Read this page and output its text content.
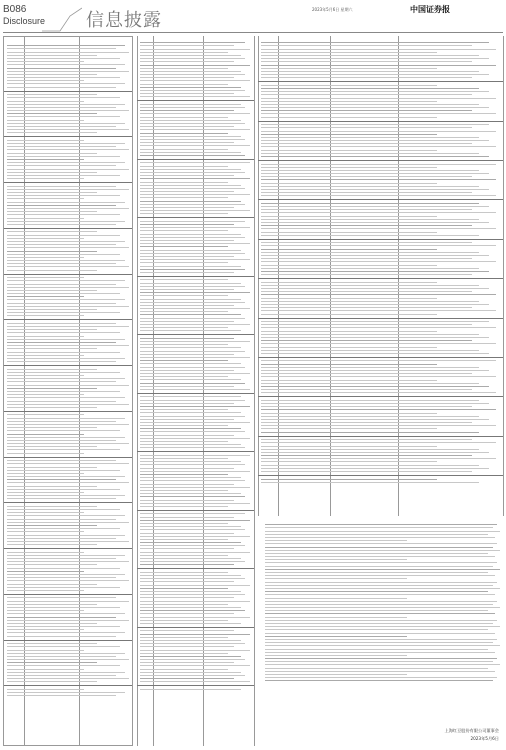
B086
Disclosure 信息披露
2023年5月6日 星期六	中国证券报
上海红豆股份有限公司董事会
2023年5月6日
